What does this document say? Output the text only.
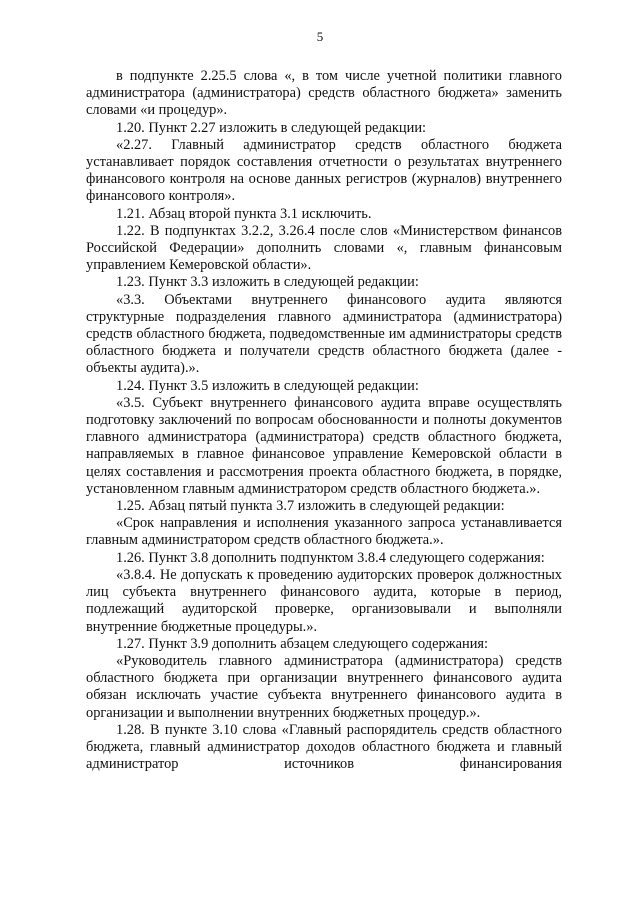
5

в подпункте 2.25.5 слова «, в том числе учетной политики главного администратора (администратора) средств областного бюджета» заменить словами «и процедур».

1.20. Пункт 2.27 изложить в следующей редакции:

«2.27. Главный администратор средств областного бюджета устанавливает порядок составления отчетности о результатах внутреннего финансового контроля на основе данных регистров (журналов) внутреннего финансового контроля».

1.21. Абзац второй пункта 3.1 исключить.

1.22. В подпунктах 3.2.2, 3.26.4 после слов «Министерством финансов Российской Федерации» дополнить словами «, главным финансовым управлением Кемеровской области».

1.23. Пункт 3.3 изложить в следующей редакции:

«3.3. Объектами внутреннего финансового аудита являются структурные подразделения главного администратора (администратора) средств областного бюджета, подведомственные им администраторы средств областного бюджета и получатели средств областного бюджета (далее - объекты аудита).».

1.24. Пункт 3.5 изложить в следующей редакции:

«3.5. Субъект внутреннего финансового аудита вправе осуществлять подготовку заключений по вопросам обоснованности и полноты документов главного администратора (администратора) средств областного бюджета, направляемых в главное финансовое управление Кемеровской области в целях составления и рассмотрения проекта областного бюджета, в порядке, установленном главным администратором средств областного бюджета.».

1.25. Абзац пятый пункта 3.7 изложить в следующей редакции:

«Срок направления и исполнения указанного запроса устанавливается главным администратором средств областного бюджета.».

1.26. Пункт 3.8 дополнить подпунктом 3.8.4 следующего содержания:

«3.8.4. Не допускать к проведению аудиторских проверок должностных лиц субъекта внутреннего финансового аудита, которые в период, подлежащий аудиторской проверке, организовывали и выполняли внутренние бюджетные процедуры.».

1.27. Пункт 3.9 дополнить абзацем следующего содержания:

«Руководитель главного администратора (администратора) средств областного бюджета при организации внутреннего финансового аудита обязан исключать участие субъекта внутреннего финансового аудита в организации и выполнении внутренних бюджетных процедур.».

1.28. В пункте 3.10 слова «Главный распорядитель средств областного бюджета, главный администратор доходов областного бюджета и главный администратор источников финансирования
